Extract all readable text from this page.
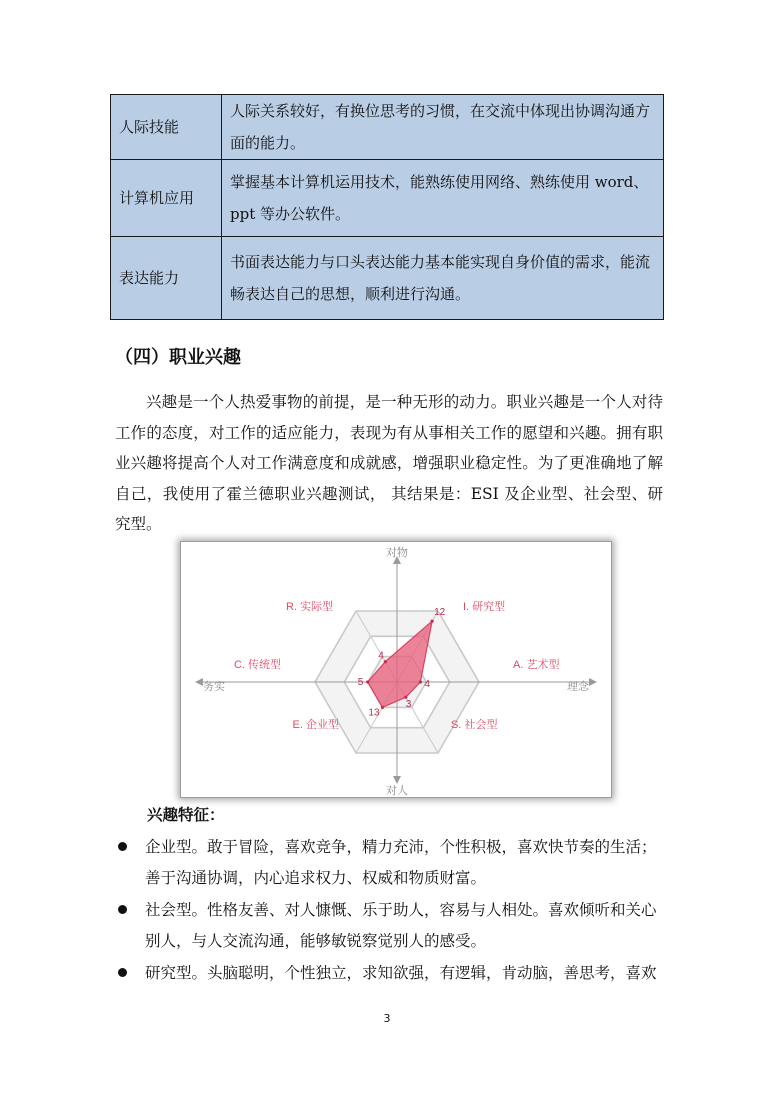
人际技能	人际关系较好，有换位思考的习惯，在交流中体现出协调沟通方面的能力。
计算机应用	掌握基本计算机运用技术，能熟练使用网络、熟练使用 word、ppt 等办公软件。
表达能力	书面表达能力与口头表达能力基本能实现自身价值的需求，能流畅表达自己的思想，顺利进行沟通。
（四）职业兴趣

兴趣是一个人热爱事物的前提，是一种无形的动力。职业兴趣是一个人对待工作的态度，对工作的适应能力，表现为有从事相关工作的愿望和兴趣。拥有职业兴趣将提高个人对工作满意度和成就感，增强职业稳定性。为了更准确地了解自己，我使用了霍兰德职业兴趣测试， 其结果是：ESI 及企业型、社会型、研究型。

12
4
3
13
5
4
I. 研究型
A. 艺术型
S. 社会型
E. 企业型
C. 传统型
R. 实际型
对物
对人
务实	理念
兴趣特征：
企业型。敢于冒险，喜欢竞争，精力充沛，个性积极，喜欢快节奏的生活；善于沟通协调，内心追求权力、权威和物质财富。
社会型。性格友善、对人慷慨、乐于助人，容易与人相处。喜欢倾听和关心别人，与人交流沟通，能够敏锐察觉别人的感受。
研究型。头脑聪明，个性独立，求知欲强，有逻辑，肯动脑，善思考，喜欢
3
